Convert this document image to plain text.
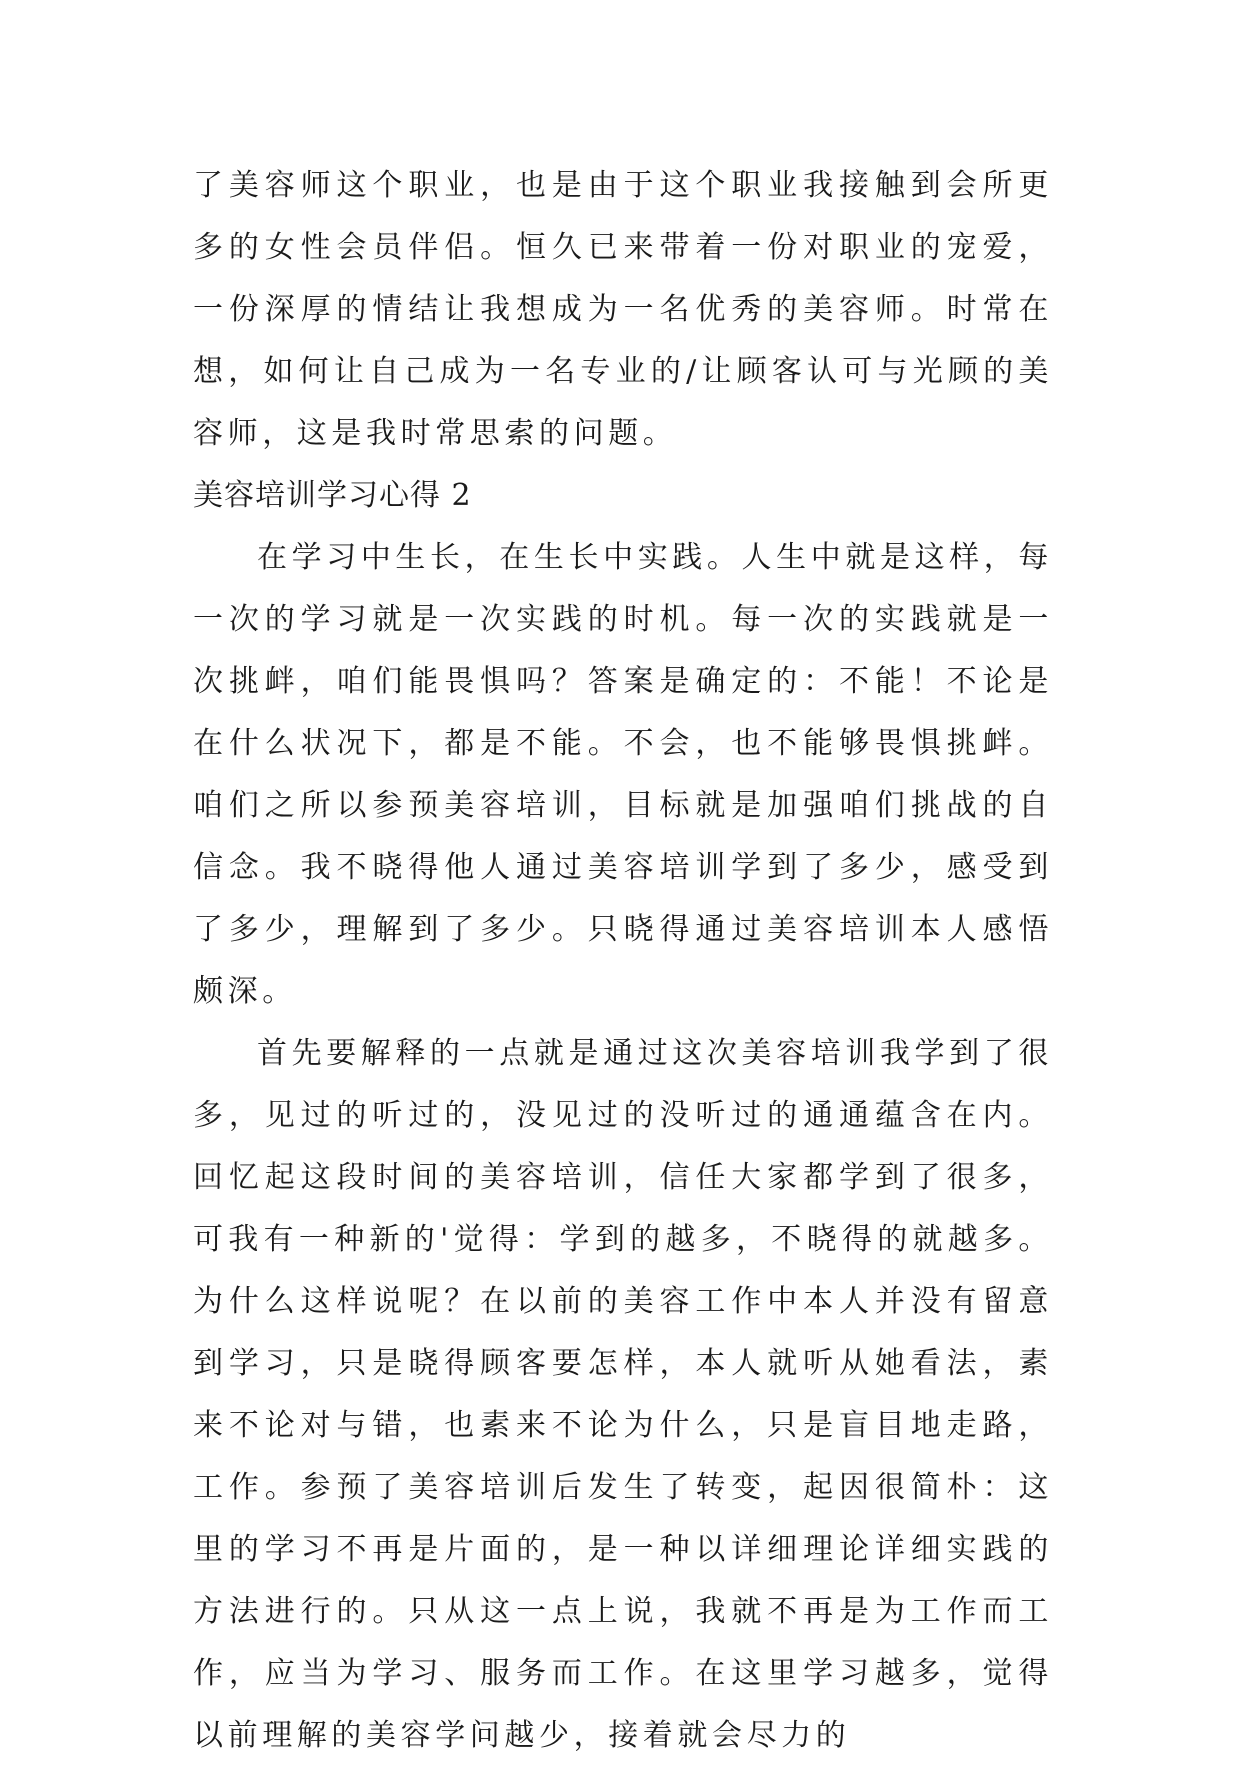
了美容师这个职业，也是由于这个职业我接触到会所更多的女性会员伴侣。恒久已来带着一份对职业的宠爱，一份深厚的情结让我想成为一名优秀的美容师。时常在想，如何让自己成为一名专业的/让顾客认可与光顾的美容师，这是我时常思索的问题。

美容培训学习心得 2

在学习中生长，在生长中实践。人生中就是这样，每一次的学习就是一次实践的时机。每一次的实践就是一次挑衅，咱们能畏惧吗？答案是确定的：不能！不论是在什么状况下，都是不能。不会，也不能够畏惧挑衅。咱们之所以参预美容培训，目标就是加强咱们挑战的自信念。我不晓得他人通过美容培训学到了多少，感受到了多少，理解到了多少。只晓得通过美容培训本人感悟颇深。

首先要解释的一点就是通过这次美容培训我学到了很多，见过的听过的，没见过的没听过的通通蕴含在内。回忆起这段时间的美容培训，信任大家都学到了很多，可我有一种新的'觉得：学到的越多，不晓得的就越多。为什么这样说呢？在以前的美容工作中本人并没有留意到学习，只是晓得顾客要怎样，本人就听从她看法，素来不论对与错，也素来不论为什么，只是盲目地走路，工作。参预了美容培训后发生了转变，起因很简朴：这里的学习不再是片面的，是一种以详细理论详细实践的方法进行的。只从这一点上说，我就不再是为工作而工作，应当为学习、服务而工作。在这里学习越多，觉得以前理解的美容学问越少，接着就会尽力的
